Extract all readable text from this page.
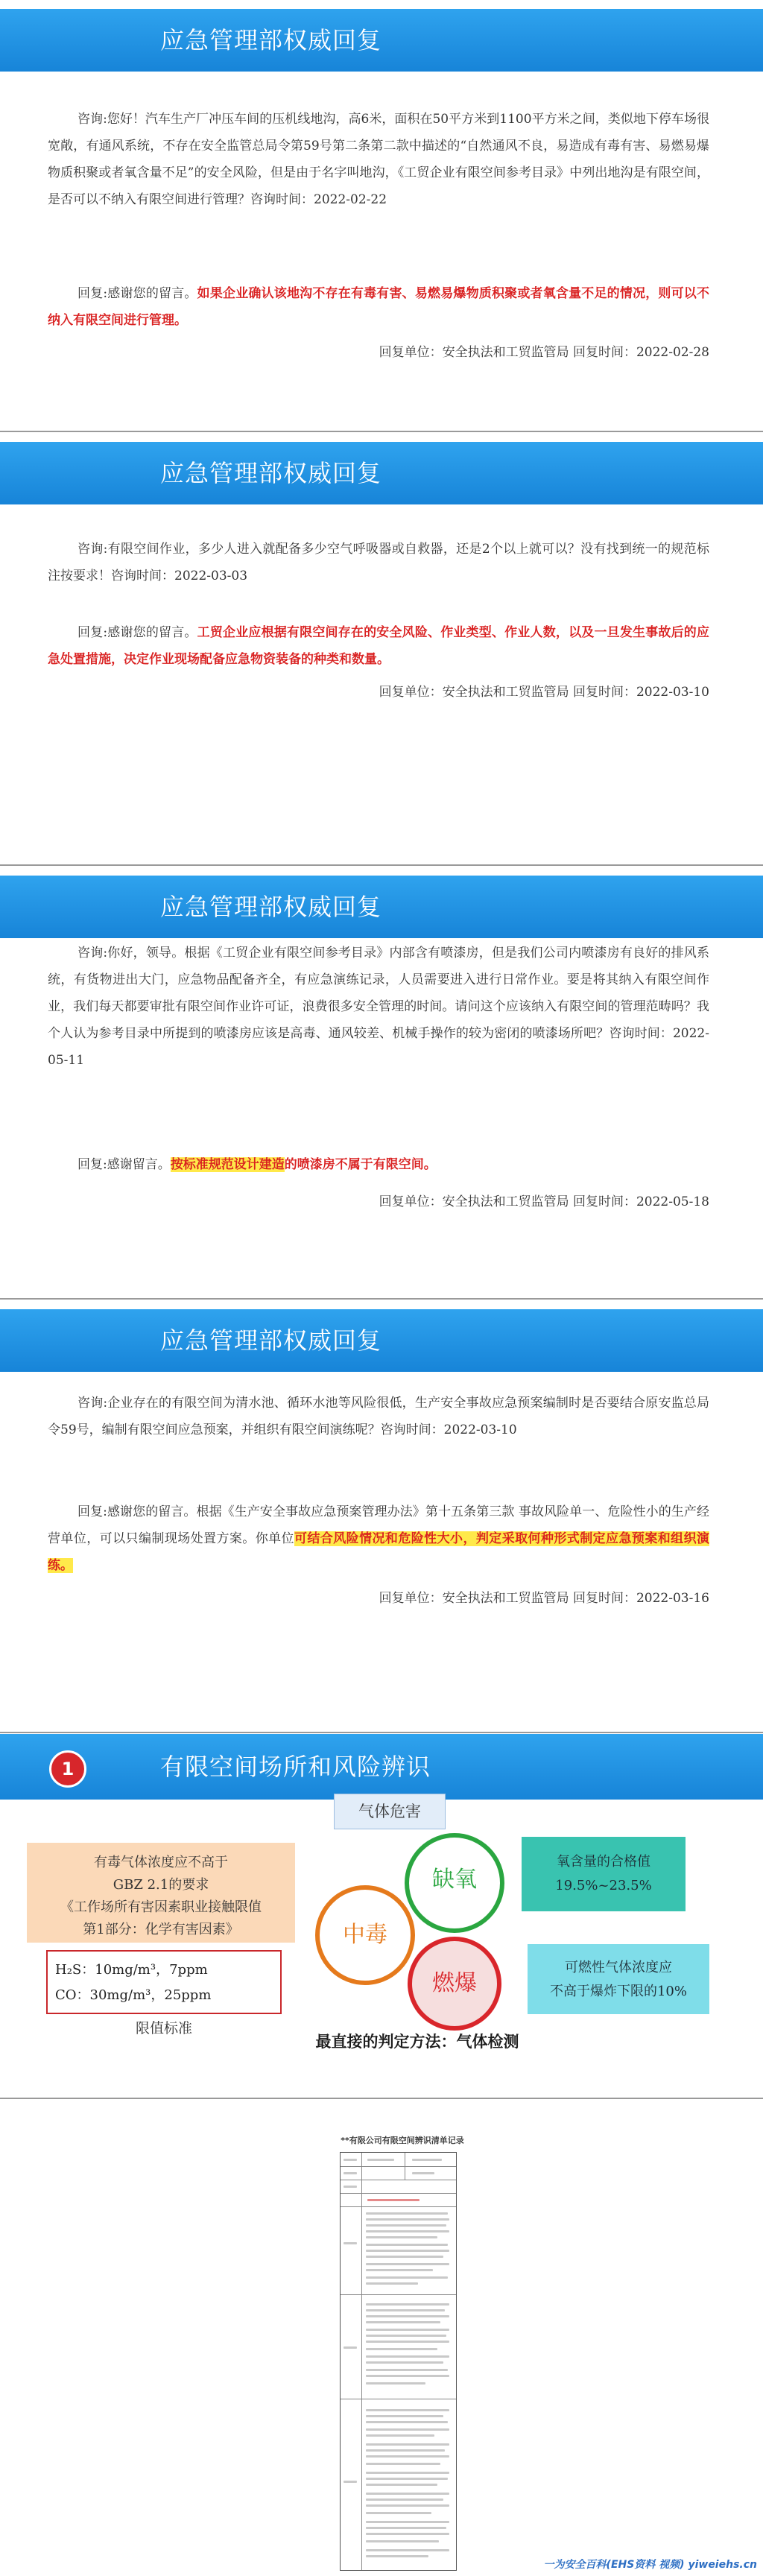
应急管理部权威回复

咨询:您好！汽车生产厂冲压车间的压机线地沟，高6米，面积在50平方米到1100平方米之间，类似地下停车场很宽敞，有通风系统，不存在安全监管总局令第59号第二条第二款中描述的“自然通风不良，易造成有毒有害、易燃易爆物质积聚或者氧含量不足”的安全风险，但是由于名字叫地沟，《工贸企业有限空间参考目录》中列出地沟是有限空间，是否可以不纳入有限空间进行管理？咨询时间：2022-02-22

回复:感谢您的留言。如果企业确认该地沟不存在有毒有害、易燃易爆物质积聚或者氧含量不足的情况，则可以不纳入有限空间进行管理。

回复单位：安全执法和工贸监管局 回复时间：2022-02-28
应急管理部权威回复

咨询:有限空间作业，多少人进入就配备多少空气呼吸器或自救器，还是2个以上就可以？没有找到统一的规范标注按要求！咨询时间：2022-03-03

回复:感谢您的留言。工贸企业应根据有限空间存在的安全风险、作业类型、作业人数，以及一旦发生事故后的应急处置措施，决定作业现场配备应急物资装备的种类和数量。

回复单位：安全执法和工贸监管局 回复时间：2022-03-10
应急管理部权威回复

咨询:你好，领导。根据《工贸企业有限空间参考目录》内部含有喷漆房，但是我们公司内喷漆房有良好的排风系统，有货物进出大门，应急物品配备齐全，有应急演练记录，人员需要进入进行日常作业。要是将其纳入有限空间作业，我们每天都要审批有限空间作业许可证，浪费很多安全管理的时间。请问这个应该纳入有限空间的管理范畴吗？我个人认为参考目录中所提到的喷漆房应该是高毒、通风较差、机械手操作的较为密闭的喷漆场所吧？咨询时间：2022-05-11

回复:感谢留言。按标准规范设计建造的喷漆房不属于有限空间。

回复单位：安全执法和工贸监管局 回复时间：2022-05-18
应急管理部权威回复

咨询:企业存在的有限空间为清水池、循环水池等风险很低，生产安全事故应急预案编制时是否要结合原安监总局令59号，编制有限空间应急预案，并组织有限空间演练呢？咨询时间：2022-03-10

回复:感谢您的留言。根据《生产安全事故应急预案管理办法》第十五条第三款 事故风险单一、危险性小的生产经营单位，可以只编制现场处置方案。你单位可结合风险情况和危险性大小，判定采取何种形式制定应急预案和组织演练。

回复单位：安全执法和工贸监管局 回复时间：2022-03-16
1	有限空间场所和风险辨识
气体危害
有毒气体浓度应不高于
GBZ 2.1的要求
《工作场所有害因素职业接触限值
第1部分：化学有害因素》
H₂S：10mg/m³，7ppm
CO：30mg/m³，25ppm
限值标准
缺氧
中毒
燃爆
氧含量的合格值
19.5%~23.5%
可燃性气体浓度应
不高于爆炸下限的10%
最直接的判定方法：气体检测
**有限公司有限空间辨识清单记录
一为安全百科(EHS资料 视频) yiweiehs.cn
